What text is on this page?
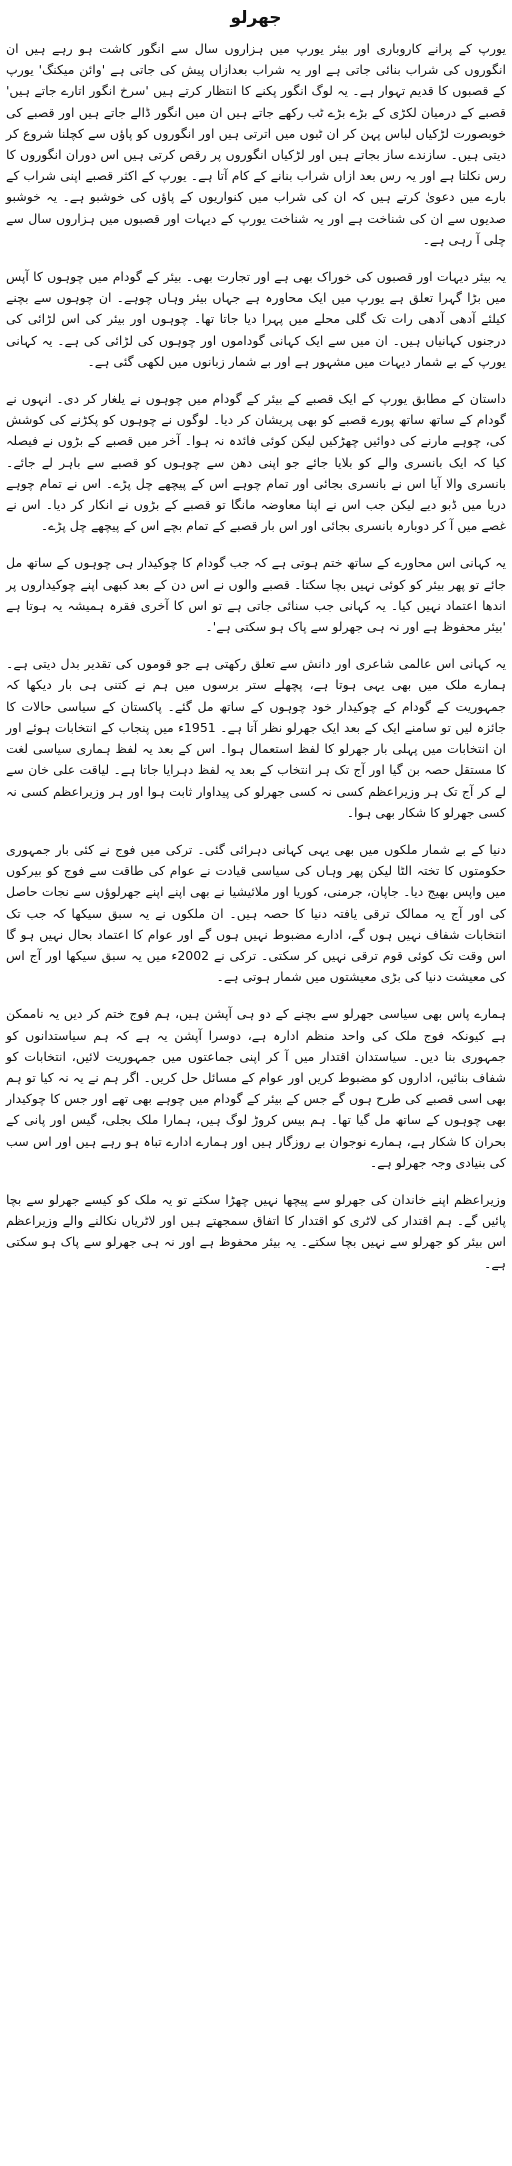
جھرلو

یورپ کے پرانے کاروباری اور بیئر یورپ میں ہزاروں سال سے انگور کاشت ہو رہے ہیں ان انگوروں کی شراب بنائی جاتی ہے اور یہ شراب بعدازاں پیش کی جاتی ہے 'وائن میکنگ' یورپ کے قصبوں کا قدیم تہوار ہے۔ یہ لوگ انگور پکنے کا انتظار کرتے ہیں 'سرخ انگور اتارے جاتے ہیں' قصبے کے درمیان لکڑی کے بڑے بڑے ٹب رکھے جاتے ہیں ان میں انگور ڈالے جاتے ہیں اور قصبے کی خوبصورت لڑکیاں لباس پہن کر ان ٹبوں میں اترتی ہیں اور انگوروں کو پاؤں سے کچلنا شروع کر دیتی ہیں۔ سازندے ساز بجاتے ہیں اور لڑکیاں انگوروں پر رقص کرتی ہیں اس دوران انگوروں کا رس نکلتا ہے اور یہ رس بعد ازاں شراب بنانے کے کام آتا ہے۔ یورپ کے اکثر قصبے اپنی شراب کے بارے میں دعویٰ کرتے ہیں کہ ان کی شراب میں کنواریوں کے پاؤں کی خوشبو ہے۔ یہ خوشبو صدیوں سے ان کی شناخت ہے اور یہ شناخت یورپ کے دیہات اور قصبوں میں ہزاروں سال سے چلی آ رہی ہے۔

یہ بیئر دیہات اور قصبوں کی خوراک بھی ہے اور تجارت بھی۔ بیئر کے گودام میں چوہوں کا آپس میں بڑا گہرا تعلق ہے یورپ میں ایک محاورہ ہے جہاں بیئر وہاں چوہے۔ ان چوہوں سے بچنے کیلئے آدھی آدھی رات تک گلی محلے میں پہرا دیا جاتا تھا۔ چوہوں اور بیئر کی اس لڑائی کی درجنوں کہانیاں ہیں۔ ان میں سے ایک کہانی گوداموں اور چوہوں کی لڑائی کی ہے۔ یہ کہانی یورپ کے بے شمار دیہات میں مشہور ہے اور بے شمار زبانوں میں لکھی گئی ہے۔

داستان کے مطابق یورپ کے ایک قصبے کے بیئر کے گودام میں چوہوں نے یلغار کر دی۔ انہوں نے گودام کے ساتھ ساتھ پورے قصبے کو بھی پریشان کر دیا۔ لوگوں نے چوہوں کو پکڑنے کی کوشش کی، چوہے مارنے کی دوائیں چھڑکیں لیکن کوئی فائدہ نہ ہوا۔ آخر میں قصبے کے بڑوں نے فیصلہ کیا کہ ایک بانسری والے کو بلایا جائے جو اپنی دھن سے چوہوں کو قصبے سے باہر لے جائے۔ بانسری والا آیا اس نے بانسری بجائی اور تمام چوہے اس کے پیچھے چل پڑے۔ اس نے تمام چوہے دریا میں ڈبو دیے لیکن جب اس نے اپنا معاوضہ مانگا تو قصبے کے بڑوں نے انکار کر دیا۔ اس نے غصے میں آ کر دوبارہ بانسری بجائی اور اس بار قصبے کے تمام بچے اس کے پیچھے چل پڑے۔

یہ کہانی اس محاورے کے ساتھ ختم ہوتی ہے کہ جب گودام کا چوکیدار ہی چوہوں کے ساتھ مل جائے تو پھر بیئر کو کوئی نہیں بچا سکتا۔ قصبے والوں نے اس دن کے بعد کبھی اپنے چوکیداروں پر اندھا اعتماد نہیں کیا۔ یہ کہانی جب سنائی جاتی ہے تو اس کا آخری فقرہ ہمیشہ یہ ہوتا ہے 'بیئر محفوظ ہے اور نہ ہی جھرلو سے پاک ہو سکتی ہے'۔

یہ کہانی اس عالمی شاعری اور دانش سے تعلق رکھتی ہے جو قوموں کی تقدیر بدل دیتی ہے۔ ہمارے ملک میں بھی یہی ہوتا ہے، پچھلے ستر برسوں میں ہم نے کتنی ہی بار دیکھا کہ جمہوریت کے گودام کے چوکیدار خود چوہوں کے ساتھ مل گئے۔ پاکستان کے سیاسی حالات کا جائزہ لیں تو سامنے ایک کے بعد ایک جھرلو نظر آتا ہے۔ 1951ء میں پنجاب کے انتخابات ہوئے اور ان انتخابات میں پہلی بار جھرلو کا لفظ استعمال ہوا۔ اس کے بعد یہ لفظ ہماری سیاسی لغت کا مستقل حصہ بن گیا اور آج تک ہر انتخاب کے بعد یہ لفظ دہرایا جاتا ہے۔ لیاقت علی خان سے لے کر آج تک ہر وزیراعظم کسی نہ کسی جھرلو کی پیداوار ثابت ہوا اور ہر وزیراعظم کسی نہ کسی جھرلو کا شکار بھی ہوا۔

دنیا کے بے شمار ملکوں میں بھی یہی کہانی دہرائی گئی۔ ترکی میں فوج نے کئی بار جمہوری حکومتوں کا تختہ الٹا لیکن پھر وہاں کی سیاسی قیادت نے عوام کی طاقت سے فوج کو بیرکوں میں واپس بھیج دیا۔ جاپان، جرمنی، کوریا اور ملائیشیا نے بھی اپنے اپنے جھرلوؤں سے نجات حاصل کی اور آج یہ ممالک ترقی یافتہ دنیا کا حصہ ہیں۔ ان ملکوں نے یہ سبق سیکھا کہ جب تک انتخابات شفاف نہیں ہوں گے، ادارے مضبوط نہیں ہوں گے اور عوام کا اعتماد بحال نہیں ہو گا اس وقت تک کوئی قوم ترقی نہیں کر سکتی۔ ترکی نے 2002ء میں یہ سبق سیکھا اور آج اس کی معیشت دنیا کی بڑی معیشتوں میں شمار ہوتی ہے۔

ہمارے پاس بھی سیاسی جھرلو سے بچنے کے دو ہی آپشن ہیں، ہم فوج ختم کر دیں یہ ناممکن ہے کیونکہ فوج ملک کی واحد منظم ادارہ ہے، دوسرا آپشن یہ ہے کہ ہم سیاستدانوں کو جمہوری بنا دیں۔ سیاستدان اقتدار میں آ کر اپنی جماعتوں میں جمہوریت لائیں، انتخابات کو شفاف بنائیں، اداروں کو مضبوط کریں اور عوام کے مسائل حل کریں۔ اگر ہم نے یہ نہ کیا تو ہم بھی اسی قصبے کی طرح ہوں گے جس کے بیئر کے گودام میں چوہے بھی تھے اور جس کا چوکیدار بھی چوہوں کے ساتھ مل گیا تھا۔ ہم بیس کروڑ لوگ ہیں، ہمارا ملک بجلی، گیس اور پانی کے بحران کا شکار ہے، ہمارے نوجوان بے روزگار ہیں اور ہمارے ادارے تباہ ہو رہے ہیں اور اس سب کی بنیادی وجہ جھرلو ہے۔

وزیراعظم اپنے خاندان کی جھرلو سے پیچھا نہیں چھڑا سکتے تو یہ ملک کو کیسے جھرلو سے بچا پائیں گے۔ ہم اقتدار کی لاٹری کو اقتدار کا اتفاق سمجھتے ہیں اور لاٹریاں نکالنے والے وزیراعظم اس بیئر کو جھرلو سے نہیں بچا سکتے۔ یہ بیئر محفوظ ہے اور نہ ہی جھرلو سے پاک ہو سکتی ہے۔
